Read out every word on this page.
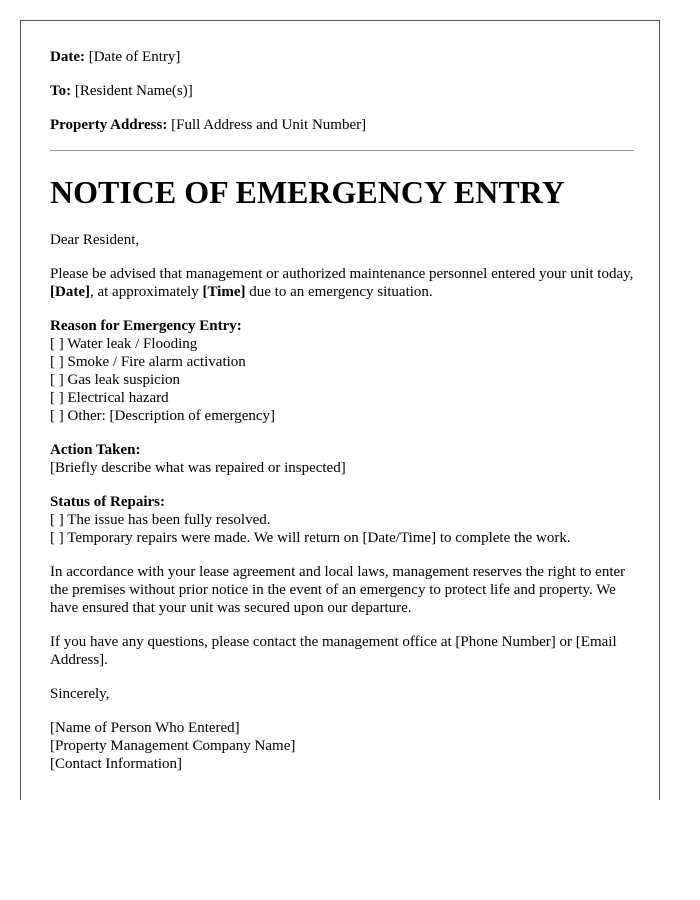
Date: [Date of Entry]

To: [Resident Name(s)]

Property Address: [Full Address and Unit Number]

NOTICE OF EMERGENCY ENTRY

Dear Resident,

Please be advised that management or authorized maintenance personnel entered your unit today, [Date], at approximately [Time] due to an emergency situation.

Reason for Emergency Entry:
[ ] Water leak / Flooding
[ ] Smoke / Fire alarm activation
[ ] Gas leak suspicion
[ ] Electrical hazard
[ ] Other: [Description of emergency]
Action Taken:
[Briefly describe what was repaired or inspected]
Status of Repairs:
[ ] The issue has been fully resolved.
[ ] Temporary repairs were made. We will return on [Date/Time] to complete the work.

In accordance with your lease agreement and local laws, management reserves the right to enter the premises without prior notice in the event of an emergency to protect life and property. We have ensured that your unit was secured upon our departure.

If you have any questions, please contact the management office at [Phone Number] or [Email Address].

Sincerely,

[Name of Person Who Entered]
[Property Management Company Name]
[Contact Information]
